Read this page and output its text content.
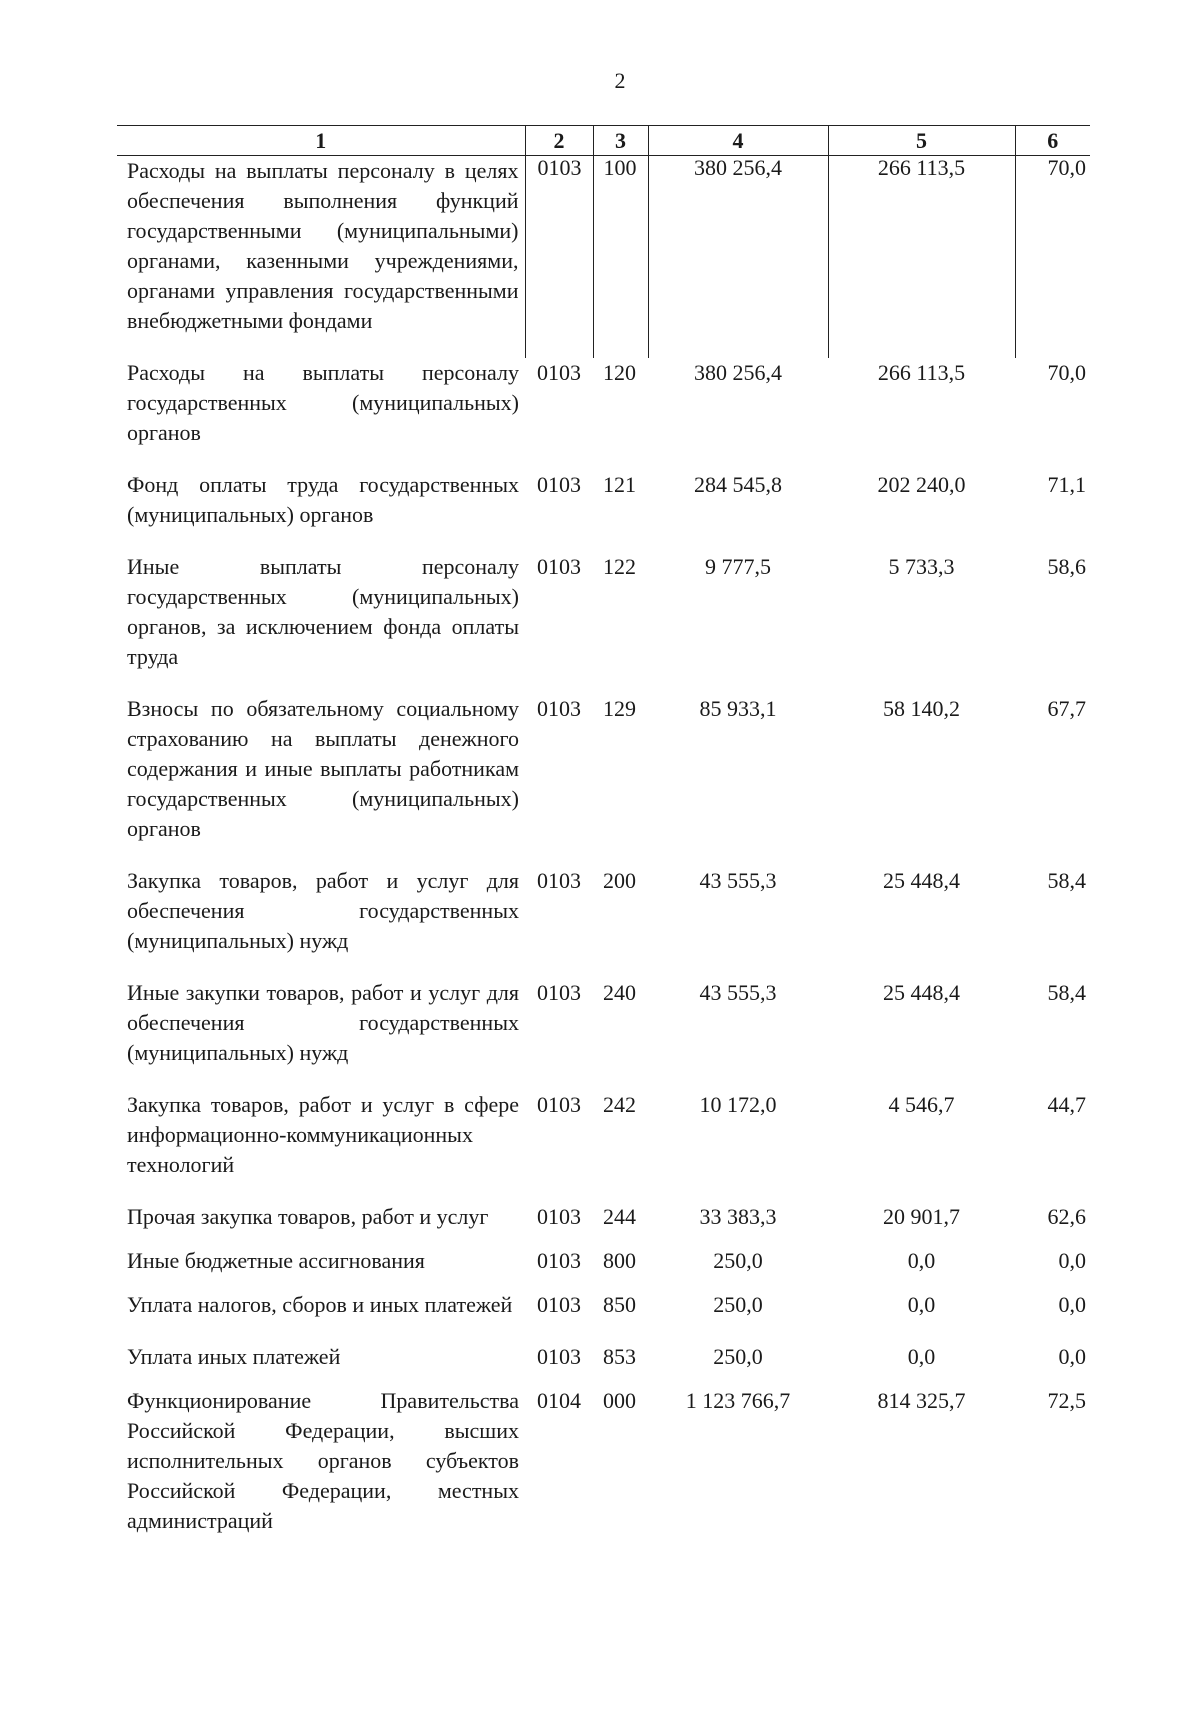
2
1	2	3	4	5	6
Расходы на выплаты персоналу в целях обеспечения выполнения функций государственными (муниципальными) органами, казенными учреждениями, органами управления государственными внебюджетными фондами	0103	100	380 256,4	266 113,5	70,0
Расходы на выплаты персоналу государственных (муниципальных) органов	0103	120	380 256,4	266 113,5	70,0
Фонд оплаты труда государственных (муниципальных) органов	0103	121	284 545,8	202 240,0	71,1
Иные выплаты персоналу государственных (муниципальных) органов, за исключением фонда оплаты труда	0103	122	9 777,5	5 733,3	58,6
Взносы по обязательному социальному страхованию на выплаты денежного содержания и иные выплаты работникам государственных (муниципальных) органов	0103	129	85 933,1	58 140,2	67,7
Закупка товаров, работ и услуг для обеспечения государственных (муниципальных) нужд	0103	200	43 555,3	25 448,4	58,4
Иные закупки товаров, работ и услуг для обеспечения государственных (муниципальных) нужд	0103	240	43 555,3	25 448,4	58,4
Закупка товаров, работ и услуг в сфере информационно-коммуникационных технологий	0103	242	10 172,0	4 546,7	44,7
Прочая закупка товаров, работ и услуг	0103	244	33 383,3	20 901,7	62,6
Иные бюджетные ассигнования	0103	800	250,0	0,0	0,0
Уплата налогов, сборов и иных платежей	0103	850	250,0	0,0	0,0
Уплата иных платежей	0103	853	250,0	0,0	0,0
Функционирование Правительства Российской Федерации, высших исполнительных органов субъектов Российской Федерации, местных администраций	0104	000	1 123 766,7	814 325,7	72,5
